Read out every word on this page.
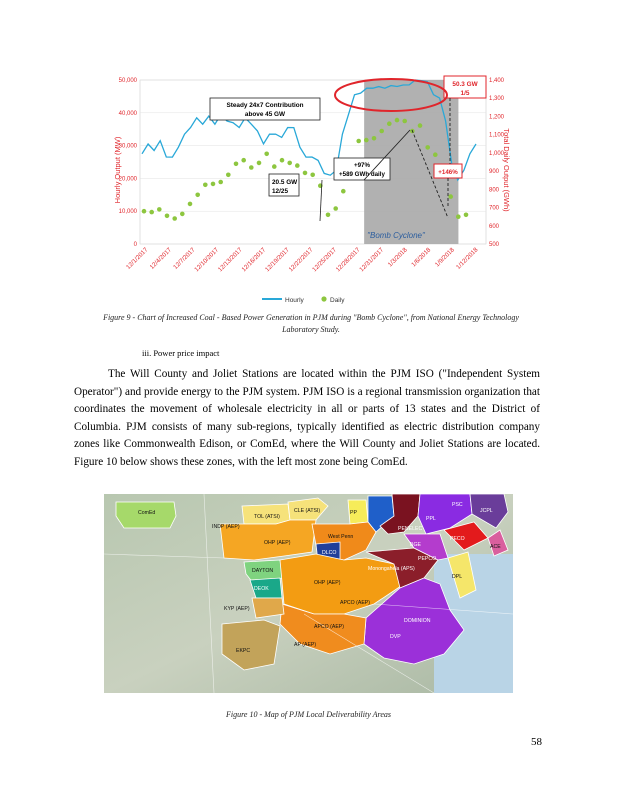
"Bomb Cyclone"
0
10,000
20,000
30,000
40,000
50,000
500
600
700
800
900
1,000
1,100
1,200
1,300
1,400
12/1/2017 12/4/2017 12/7/2017
12/10/2017
12/13/2017
12/16/2017
12/19/2017
12/22/2017
12/25/2017
12/28/2017
12/31/2017 1/3/2018 1/6/2018 1/9/2018 1/12/2018
Hourly Output (MW)	Total Daily Output (GWh)
Steady 24x7 Contribution
above 45 GW
50.3 GW
1/5
20.5 GW
12/25
+97%
+589 GWh daily	+146%
Hourly	Daily
Figure 9 - Chart of Increased Coal - Based Power Generation in PJM during "Bomb Cyclone", from National Energy Technology Laboratory Study.
iii. Power price impact
The Will County and Joliet Stations are located within the PJM ISO ("Independent System Operator") and provide energy to the PJM system. PJM ISO is a regional transmission organization that coordinates the movement of wholesale electricity in all or parts of 13 states and the District of Columbia. PJM consists of many sub-regions, typically identified as electric distribution company zones like Commonwealth Edison, or ComEd, where the Will County and Joliet Stations are located. Figure 10 below shows these zones, with the left most zone being ComEd.
ComEd
TOL (ATSI)
CLE (ATSI)
INDP (AEP)
OHP (AEP)
PP
PPL
JCPL
PECO
ACE
PENELEC
PSC
West Penn
DLCO
DAYTON
DEOK
OHP (AEP)
Monongahela (APS)
BGE
PEPCO
DPL
DOMINION
DVP
KYP (AEP)
APCO (AEP)
AP (AEP)
APCO (AEP)
EKPC
Figure 10 - Map of PJM Local Deliverability Areas
58
